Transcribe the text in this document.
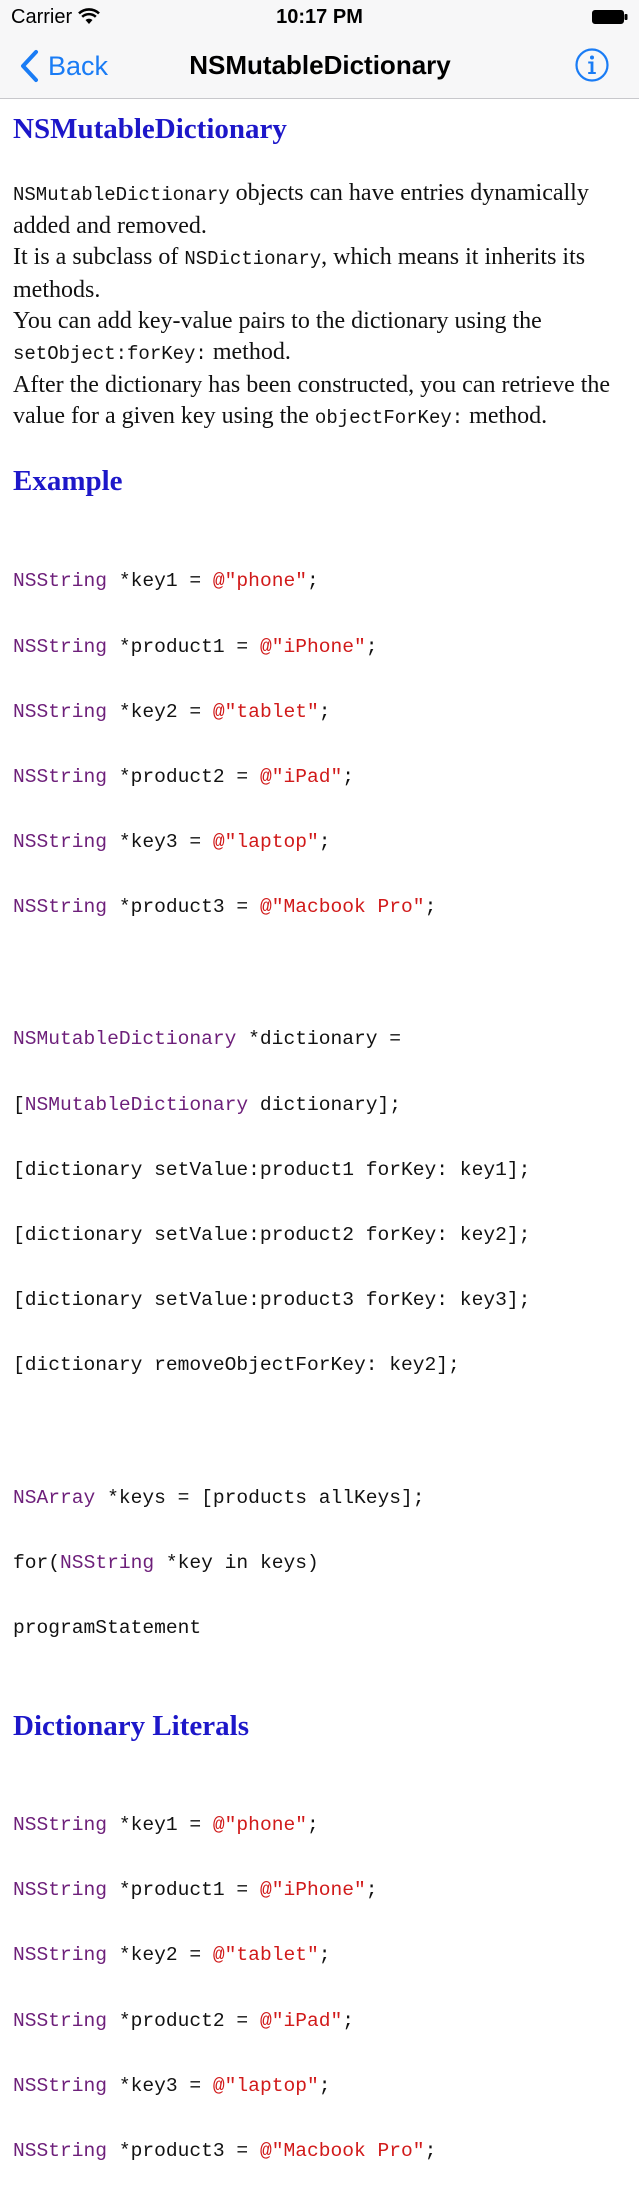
Carrier	10:17 PM
Back	NSMutableDictionary
NSMutableDictionary

NSMutableDictionary objects can have entries dynamically added and removed.

It is a subclass of NSDictionary, which means it inherits its methods.

You can add key-value pairs to the dictionary using the setObject:forKey: method.

After the dictionary has been constructed, you can retrieve the value for a given key using the objectForKey: method.

Example

NSString *key1 = @"phone";

NSString *product1 = @"iPhone";

NSString *key2 = @"tablet";

NSString *product2 = @"iPad";

NSString *key3 = @"laptop";

NSString *product3 = @"Macbook Pro";

NSMutableDictionary *dictionary =

[NSMutableDictionary dictionary];

[dictionary setValue:product1 forKey: key1];

[dictionary setValue:product2 forKey: key2];

[dictionary setValue:product3 forKey: key3];

[dictionary removeObjectForKey: key2];

NSArray *keys = [products allKeys];

for(NSString *key in keys)

programStatement

Dictionary Literals

NSString *key1 = @"phone";

NSString *product1 = @"iPhone";

NSString *key2 = @"tablet";

NSString *product2 = @"iPad";

NSString *key3 = @"laptop";

NSString *product3 = @"Macbook Pro";
